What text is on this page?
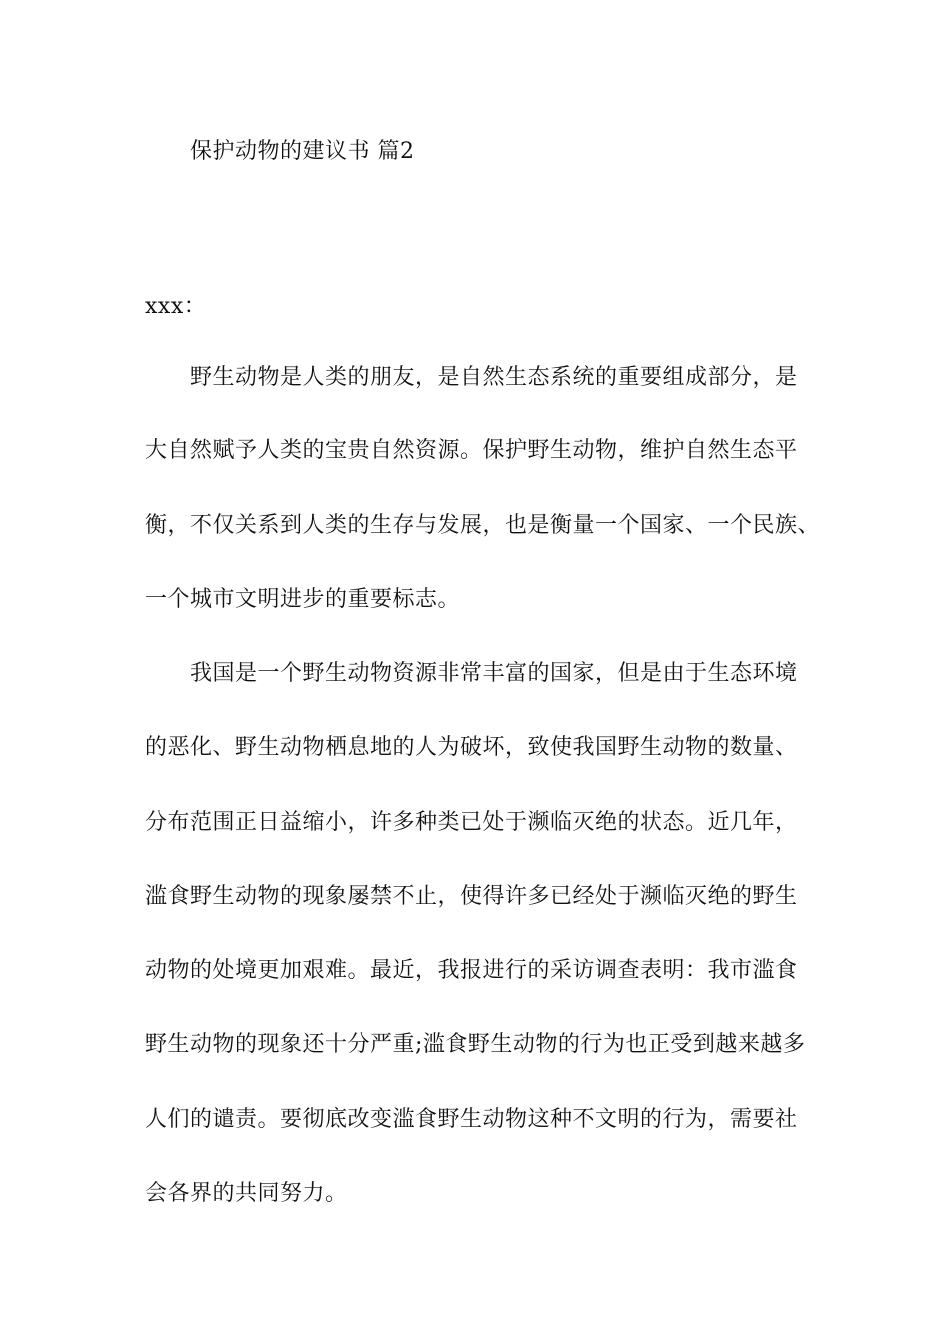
保护动物的建议书 篇2
xxx：
野生动物是人类的朋友，是自然生态系统的重要组成部分，是
大自然赋予人类的宝贵自然资源。保护野生动物，维护自然生态平
衡，不仅关系到人类的生存与发展，也是衡量一个国家、一个民族、
一个城市文明进步的重要标志。
我国是一个野生动物资源非常丰富的国家，但是由于生态环境
的恶化、野生动物栖息地的人为破坏，致使我国野生动物的数量、
分布范围正日益缩小，许多种类已处于濒临灭绝的状态。近几年，
滥食野生动物的现象屡禁不止，使得许多已经处于濒临灭绝的野生
动物的处境更加艰难。最近，我报进行的采访调查表明：我市滥食
野生动物的现象还十分严重;滥食野生动物的行为也正受到越来越多
人们的谴责。要彻底改变滥食野生动物这种不文明的行为，需要社
会各界的共同努力。
